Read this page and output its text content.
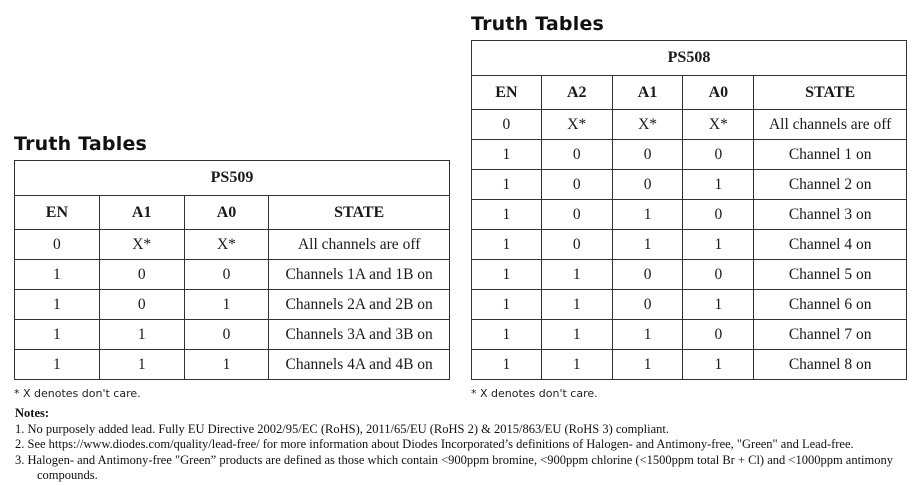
Truth Tables
PS508				
EN	A2	A1	A0	STATE
0	X*	X*	X*	All channels are off
1	0	0	0	Channel 1 on
1	0	0	1	Channel 2 on
1	0	1	0	Channel 3 on
1	0	1	1	Channel 4 on
1	1	0	0	Channel 5 on
1	1	0	1	Channel 6 on
1	1	1	0	Channel 7 on
1	1	1	1	Channel 8 on

* X denotes don't care.

Truth Tables
PS509			
EN	A1	A0	STATE
0	X*	X*	All channels are off
1	0	0	Channels 1A and 1B on
1	0	1	Channels 2A and 2B on
1	1	0	Channels 3A and 3B on
1	1	1	Channels 4A and 4B on

* X denotes don't care.

Notes:
1. No purposely added lead. Fully EU Directive 2002/95/EC (RoHS), 2011/65/EU (RoHS 2) & 2015/863/EU (RoHS 3) compliant.
2. See https://www.diodes.com/quality/lead-free/ for more information about Diodes Incorporated’s definitions of Halogen- and Antimony-free, "Green" and Lead-free.
3. Halogen- and Antimony-free "Green” products are defined as those which contain <900ppm bromine, <900ppm chlorine (<1500ppm total Br + Cl) and <1000ppm antimony compounds.
